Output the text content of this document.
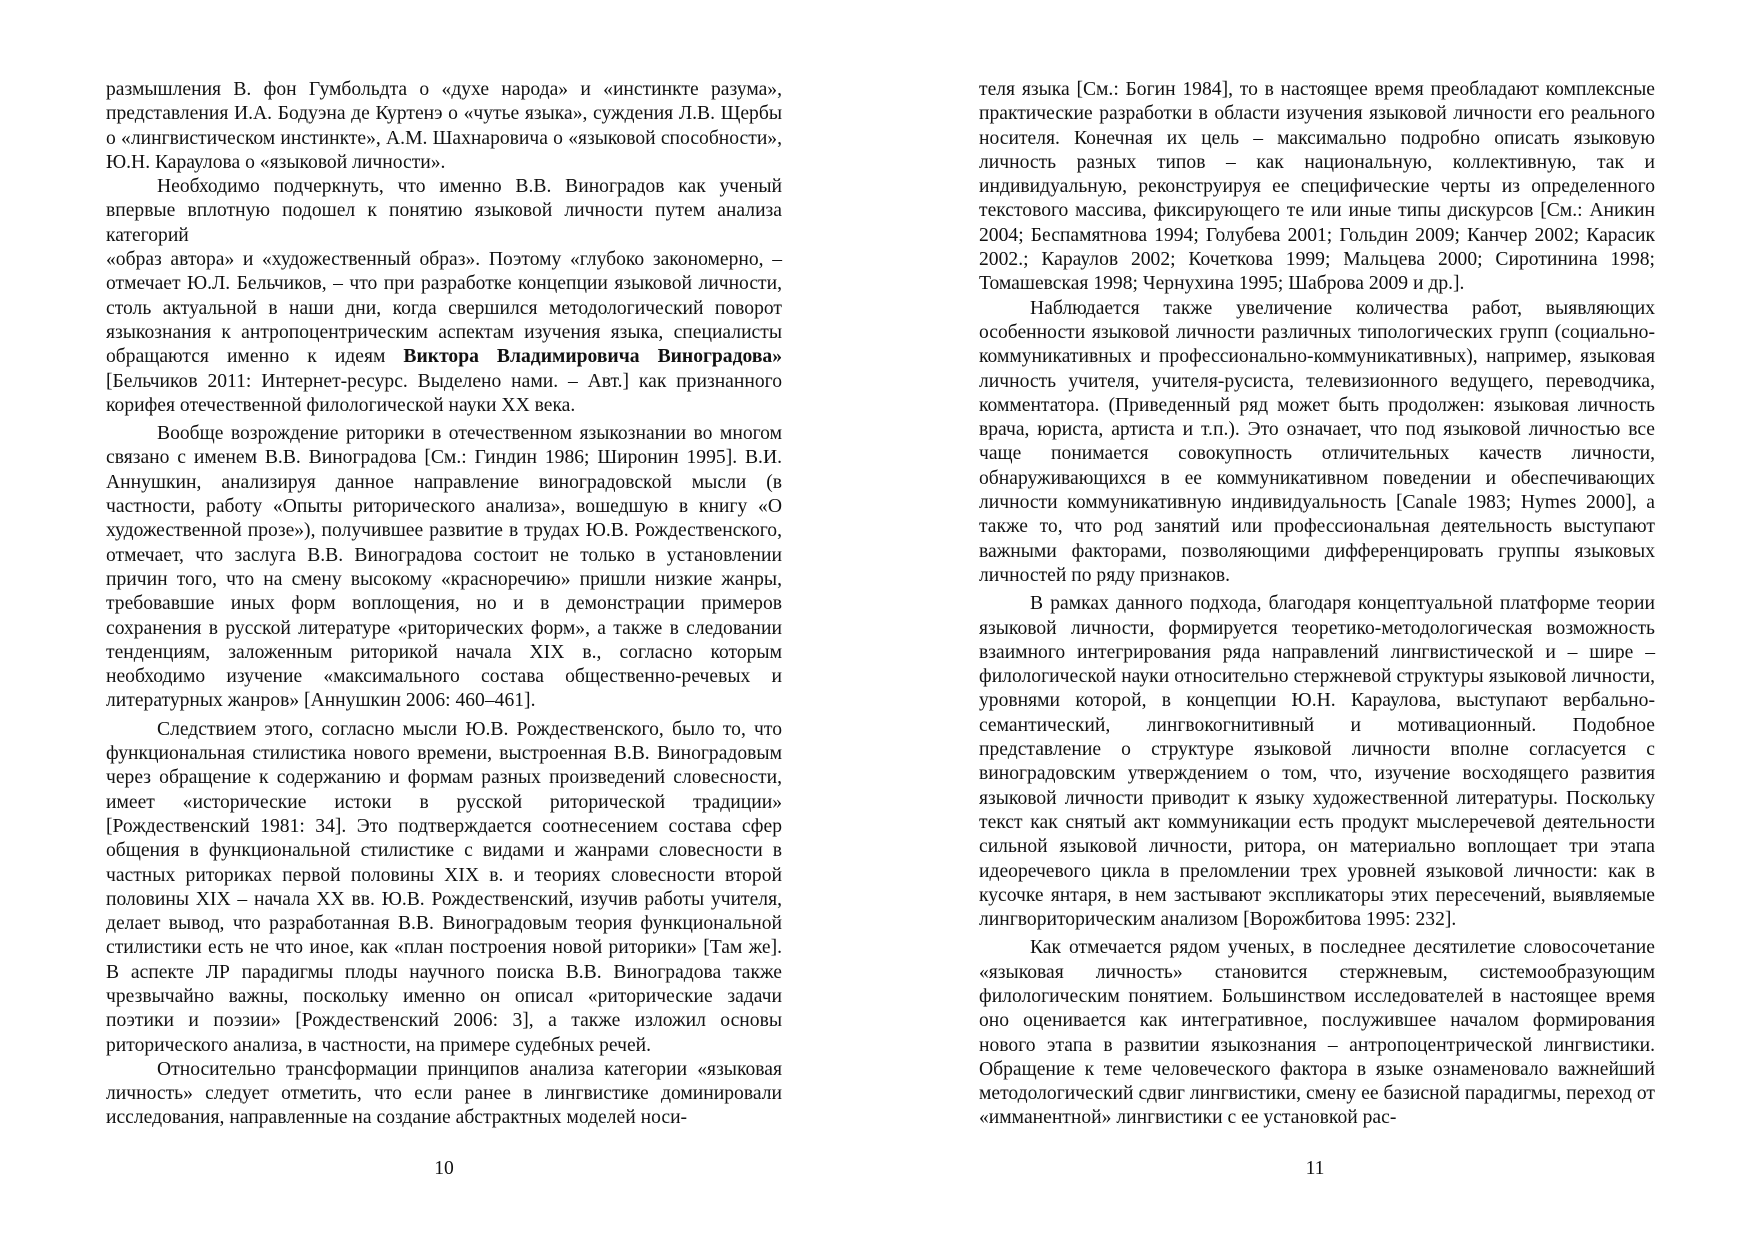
размышления В. фон Гумбольдта о «духе народа» и «инстинкте разума», представления И.А. Бодуэна де Куртенэ о «чутье языка», суждения Л.В. Щербы о «лингвистическом инстинкте», А.М. Шахнаровича о «языковой способности», Ю.Н. Караулова о «языковой личности».

Необходимо подчеркнуть, что именно В.В. Виноградов как ученый впервые вплотную подошел к понятию языковой личности путем анализа категорий

«образ автора» и «художественный образ». Поэтому «глубоко закономерно, – отмечает Ю.Л. Бельчиков, – что при разработке концепции языковой личности, столь актуальной в наши дни, когда свершился методологический поворот языкознания к антропоцентрическим аспектам изучения языка, специалисты обращаются именно к идеям Виктора Владимировича Виноградова» [Бельчиков 2011: Интернет-ресурс. Выделено нами. – Авт.] как признанного корифея отечественной филологической науки ХХ века.

Вообще возрождение риторики в отечественном языкознании во многом связано с именем В.В. Виноградова [См.: Гиндин 1986; Широнин 1995]. В.И. Аннушкин, анализируя данное направление виноградовской мысли (в частности, работу «Опыты риторического анализа», вошедшую в книгу «О художественной прозе»), получившее развитие в трудах Ю.В. Рождественского, отмечает, что заслуга В.В. Виноградова состоит не только в установлении причин того, что на смену высокому «красноречию» пришли низкие жанры, требовавшие иных форм воплощения, но и в демонстрации примеров сохранения в русской литературе «риторических форм», а также в следовании тенденциям, заложенным риторикой начала XIX в., согласно которым необходимо изучение «максимального состава общественно-речевых и литературных жанров» [Аннушкин 2006: 460–461].

Следствием этого, согласно мысли Ю.В. Рождественского, было то, что функциональная стилистика нового времени, выстроенная В.В. Виноградовым через обращение к содержанию и формам разных произведений словесности, имеет «исторические истоки в русской риторической традиции» [Рождественский 1981: 34]. Это подтверждается соотнесением состава сфер общения в функциональной стилистике с видами и жанрами словесности в частных риториках первой половины XIX в. и теориях словесности второй половины XIX – начала ХХ вв. Ю.В. Рождественский, изучив работы учителя, делает вывод, что разработанная В.В. Виноградовым теория функциональной стилистики есть не что иное, как «план построения новой риторики» [Там же]. В аспекте ЛР парадигмы плоды научного поиска В.В. Виноградова также чрезвычайно важны, поскольку именно он описал «риторические задачи поэтики и поэзии» [Рождественский 2006: 3], а также изложил основы риторического анализа, в частности, на примере судебных речей.

Относительно трансформации принципов анализа категории «языковая личность» следует отметить, что если ранее в лингвистике доминировали исследования, направленные на создание абстрактных моделей носи-

10

теля языка [См.: Богин 1984], то в настоящее время преобладают комплексные практические разработки в области изучения языковой личности его реального носителя. Конечная их цель – максимально подробно описать языковую личность разных типов – как национальную, коллективную, так и индивидуальную, реконструируя ее специфические черты из определенного текстового массива, фиксирующего те или иные типы дискурсов [См.: Аникин 2004; Беспамятнова 1994; Голубева 2001; Гольдин 2009; Канчер 2002; Карасик 2002.; Караулов 2002; Кочеткова 1999; Мальцева 2000; Сиротинина 1998; Томашевская 1998; Чернухина 1995; Шаброва 2009 и др.].

Наблюдается также увеличение количества работ, выявляющих особенности языковой личности различных типологических групп (социально-коммуникативных и профессионально-коммуникативных), например, языковая личность учителя, учителя-русиста, телевизионного ведущего, переводчика, комментатора. (Приведенный ряд может быть продолжен: языковая личность врача, юриста, артиста и т.п.). Это означает, что под языковой личностью все чаще понимается совокупность отличительных качеств личности, обнаруживающихся в ее коммуникативном поведении и обеспечивающих личности коммуникативную индивидуальность [Canale 1983; Hymes 2000], а также то, что род занятий или профессиональная деятельность выступают важными факторами, позволяющими дифференцировать группы языковых личностей по ряду признаков.

В рамках данного подхода, благодаря концептуальной платформе теории языковой личности, формируется теоретико-методологическая возможность взаимного интегрирования ряда направлений лингвистической и – шире – филологической науки относительно стержневой структуры языковой личности, уровнями которой, в концепции Ю.Н. Караулова, выступают вербально-семантический, лингвокогнитивный и мотивационный. Подобное представление о структуре языковой личности вполне согласуется с виноградовским утверждением о том, что, изучение восходящего развития языковой личности приводит к языку художественной литературы. Поскольку текст как снятый акт коммуникации есть продукт мыслеречевой деятельности сильной языковой личности, ритора, он материально воплощает три этапа идеоречевого цикла в преломлении трех уровней языковой личности: как в кусочке янтаря, в нем застывают экспликаторы этих пересечений, выявляемые лингвориторическим анализом [Ворожбитова 1995: 232].

Как отмечается рядом ученых, в последнее десятилетие словосочетание «языковая личность» становится стержневым, системообразующим филологическим понятием. Большинством исследователей в настоящее время оно оценивается как интегративное, послужившее началом формирования нового этапа в развитии языкознания – антропоцентрической лингвистики. Обращение к теме человеческого фактора в языке ознаменовало важнейший методологический сдвиг лингвистики, смену ее базисной парадигмы, переход от «имманентной» лингвистики с ее установкой рас-

11
